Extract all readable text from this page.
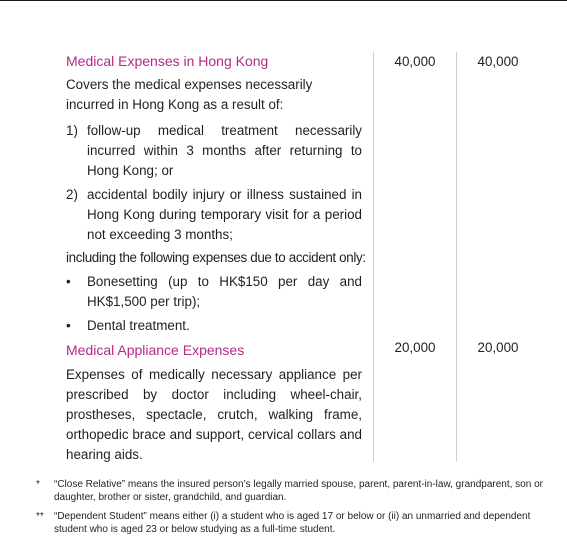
Medical Expenses in Hong Kong
Covers the medical expenses necessarily incurred in Hong Kong as a result of:
1) follow-up medical treatment necessarily incurred within 3 months after returning to Hong Kong; or
2) accidental bodily injury or illness sustained in Hong Kong during temporary visit for a period not exceeding 3 months;
including the following expenses due to accident only:
• Bonesetting (up to HK$150 per day and HK$1,500 per trip);
• Dental treatment.
40,000	40,000
Medical Appliance Expenses
Expenses of medically necessary appliance per prescribed by doctor including wheel-chair, prostheses, spectacle, crutch, walking frame, orthopedic brace and support, cervical collars and hearing aids.
20,000	20,000
*	“Close Relative” means the insured person’s legally married spouse, parent, parent-in-law, grandparent, son or daughter, brother or sister, grandchild, and guardian.
**	“Dependent Student” means either (i) a student who is aged 17 or below or (ii) an unmarried and dependent student who is aged 23 or below studying as a full-time student.
